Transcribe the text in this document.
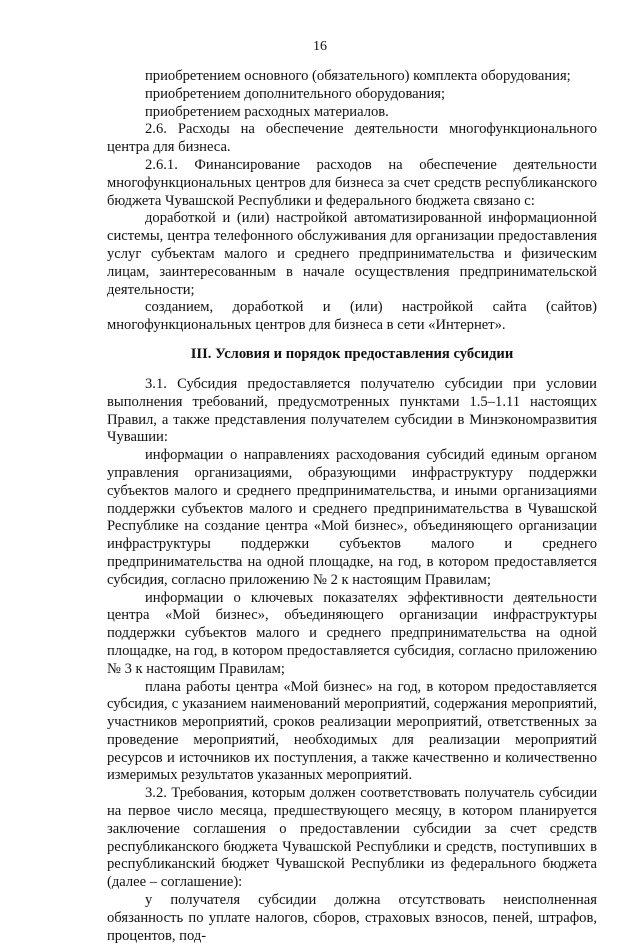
16

приобретением основного (обязательного) комплекта оборудования;

приобретением дополнительного оборудования;

приобретением расходных материалов.

2.6. Расходы на обеспечение деятельности многофункционального центра для бизнеса.

2.6.1. Финансирование расходов на обеспечение деятельности многофункциональных центров для бизнеса за счет средств республиканского бюджета Чувашской Республики и федерального бюджета связано с:

доработкой и (или) настройкой автоматизированной информационной системы, центра телефонного обслуживания для организации предоставления услуг субъектам малого и среднего предпринимательства и физическим лицам, заинтересованным в начале осуществления предпринимательской деятельности;

созданием, доработкой и (или) настройкой сайта (сайтов) многофункциональных центров для бизнеса в сети «Интернет».

III. Условия и порядок предоставления субсидии

3.1. Субсидия предоставляется получателю субсидии при условии выполнения требований, предусмотренных пунктами 1.5–1.11 настоящих Правил, а также представления получателем субсидии в Минэкономразвития Чувашии:

информации о направлениях расходования субсидий единым органом управления организациями, образующими инфраструктуру поддержки субъектов малого и среднего предпринимательства, и иными организациями поддержки субъектов малого и среднего предпринимательства в Чувашской Республике на создание центра «Мой бизнес», объединяющего организации инфраструктуры поддержки субъектов малого и среднего предпринимательства на одной площадке, на год, в котором предоставляется субсидия, согласно приложению № 2 к настоящим Правилам;

информации о ключевых показателях эффективности деятельности центра «Мой бизнес», объединяющего организации инфраструктуры поддержки субъектов малого и среднего предпринимательства на одной площадке, на год, в котором предоставляется субсидия, согласно приложению № 3 к настоящим Правилам;

плана работы центра «Мой бизнес» на год, в котором предоставляется субсидия, с указанием наименований мероприятий, содержания мероприятий, участников мероприятий, сроков реализации мероприятий, ответственных за проведение мероприятий, необходимых для реализации мероприятий ресурсов и источников их поступления, а также качественно и количественно измеримых результатов указанных мероприятий.

3.2. Требования, которым должен соответствовать получатель субсидии на первое число месяца, предшествующего месяцу, в котором планируется заключение соглашения о предоставлении субсидии за счет средств республиканского бюджета Чувашской Республики и средств, поступивших в республиканский бюджет Чувашской Республики из федерального бюджета (далее – соглашение):

у получателя субсидии должна отсутствовать неисполненная обязанность по уплате налогов, сборов, страховых взносов, пеней, штрафов, процентов, под-
